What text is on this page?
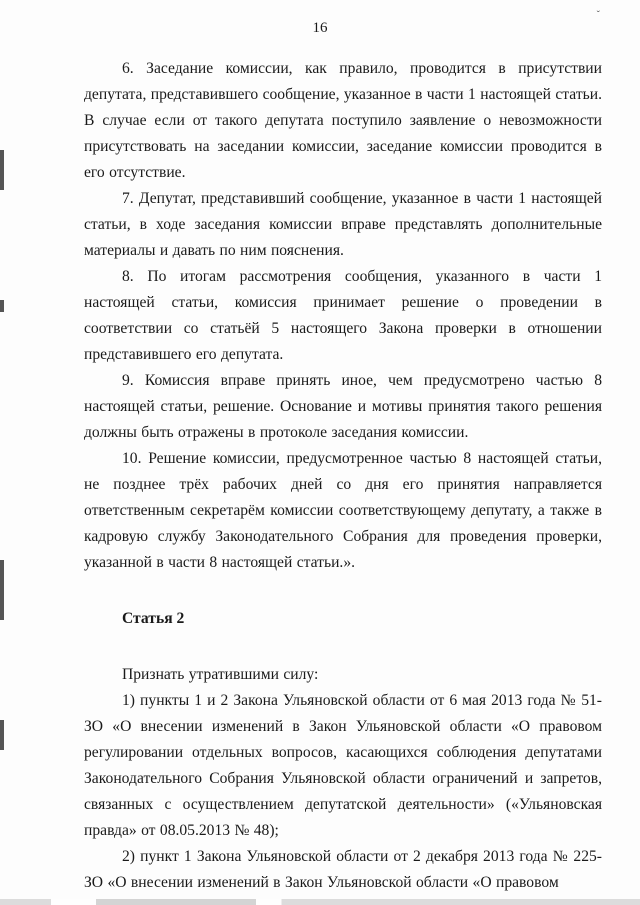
ˇ
16

6. Заседание комиссии, как правило, проводится в присутствии депутата, представившего сообщение, указанное в части 1 настоящей статьи. В случае если от такого депутата поступило заявление о невозможности присутствовать на заседании комиссии, заседание комиссии проводится в его отсутствие.

7. Депутат, представивший сообщение, указанное в части 1 настоящей статьи, в ходе заседания комиссии вправе представлять дополнительные материалы и давать по ним пояснения.

8. По итогам рассмотрения сообщения, указанного в части 1 настоящей статьи, комиссия принимает решение о проведении в соответствии со статьёй 5 настоящего Закона проверки в отношении представившего его депутата.

9. Комиссия вправе принять иное, чем предусмотрено частью 8 настоящей статьи, решение. Основание и мотивы принятия такого решения должны быть отражены в протоколе заседания комиссии.

10. Решение комиссии, предусмотренное частью 8 настоящей статьи, не позднее трёх рабочих дней со дня его принятия направляется ответственным секретарём комиссии соответствующему депутату, а также в кадровую службу Законодательного Собрания для проведения проверки, указанной в части 8 настоящей статьи.».

Статья 2

Признать утратившими силу:

1) пункты 1 и 2 Закона Ульяновской области от 6 мая 2013 года № 51-ЗО «О внесении изменений в Закон Ульяновской области «О правовом регулировании отдельных вопросов, касающихся соблюдения депутатами Законодательного Собрания Ульяновской области ограничений и запретов, связанных с осуществлением депутатской деятельности» («Ульяновская правда» от 08.05.2013 № 48);

2) пункт 1 Закона Ульяновской области от 2 декабря 2013 года № 225-ЗО «О внесении изменений в Закон Ульяновской области «О правовом
